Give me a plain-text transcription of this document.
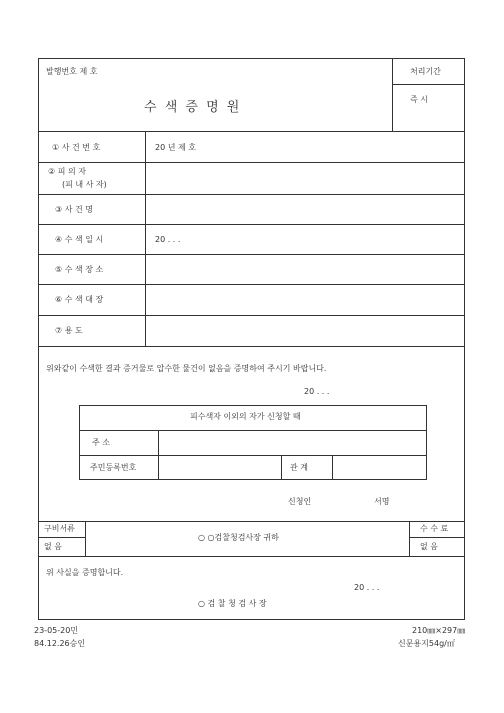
발행번호 제 호	처리기간
즉 시
수 색 증 명 원
① 사 건 번 호	20 년 제 호
② 피 의 자
(피 내 사 자)
③ 사 건 명
④ 수 색 일 시	20 . . .
⑤ 수 색 장 소
⑥ 수 색 대 장
⑦ 용 도
위와같이 수색한 결과 증거물로 압수한 물건이 없음을 증명하여 주시기 바랍니다.
20 . . .
피수색자 이외의 자가 신청할 때
주 소
주민등록번호	관 계
신청인	서명
구비서류
없 음
○ ○검찰청검사장 귀하
수 수 료
없 음
위 사실을 증명합니다.
20 . . .
○ 검 찰 청 검 사 장
23-05-20민
84.12.26승인
210㎜×297㎜
신문용지54g/㎡
